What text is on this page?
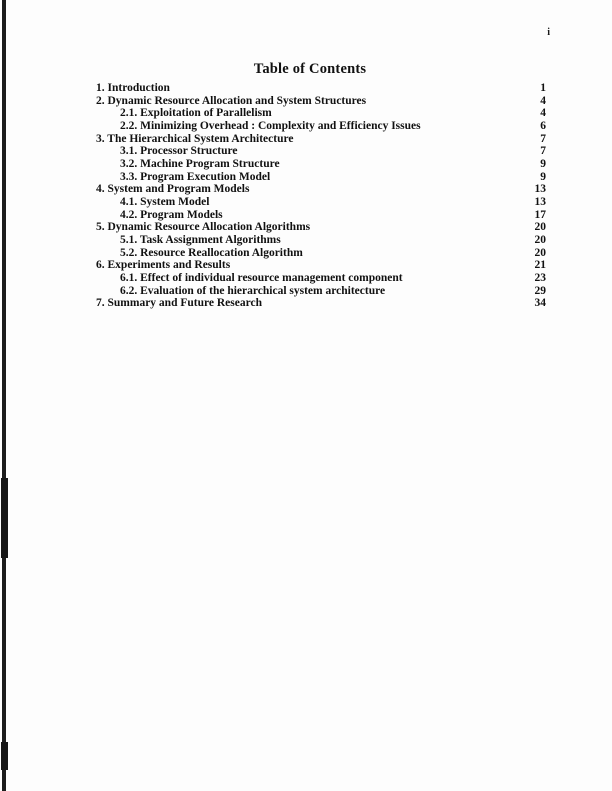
i
Table of Contents
1. Introduction	1
2. Dynamic Resource Allocation and System Structures	4
2.1. Exploitation of Parallelism	4
2.2. Minimizing Overhead : Complexity and Efficiency Issues	6
3. The Hierarchical System Architecture	7
3.1. Processor Structure	7
3.2. Machine Program Structure	9
3.3. Program Execution Model	9
4. System and Program Models	13
4.1. System Model	13
4.2. Program Models	17
5. Dynamic Resource Allocation Algorithms	20
5.1. Task Assignment Algorithms	20
5.2. Resource Reallocation Algorithm	20
6. Experiments and Results	21
6.1. Effect of individual resource management component	23
6.2. Evaluation of the hierarchical system architecture	29
7. Summary and Future Research	34
